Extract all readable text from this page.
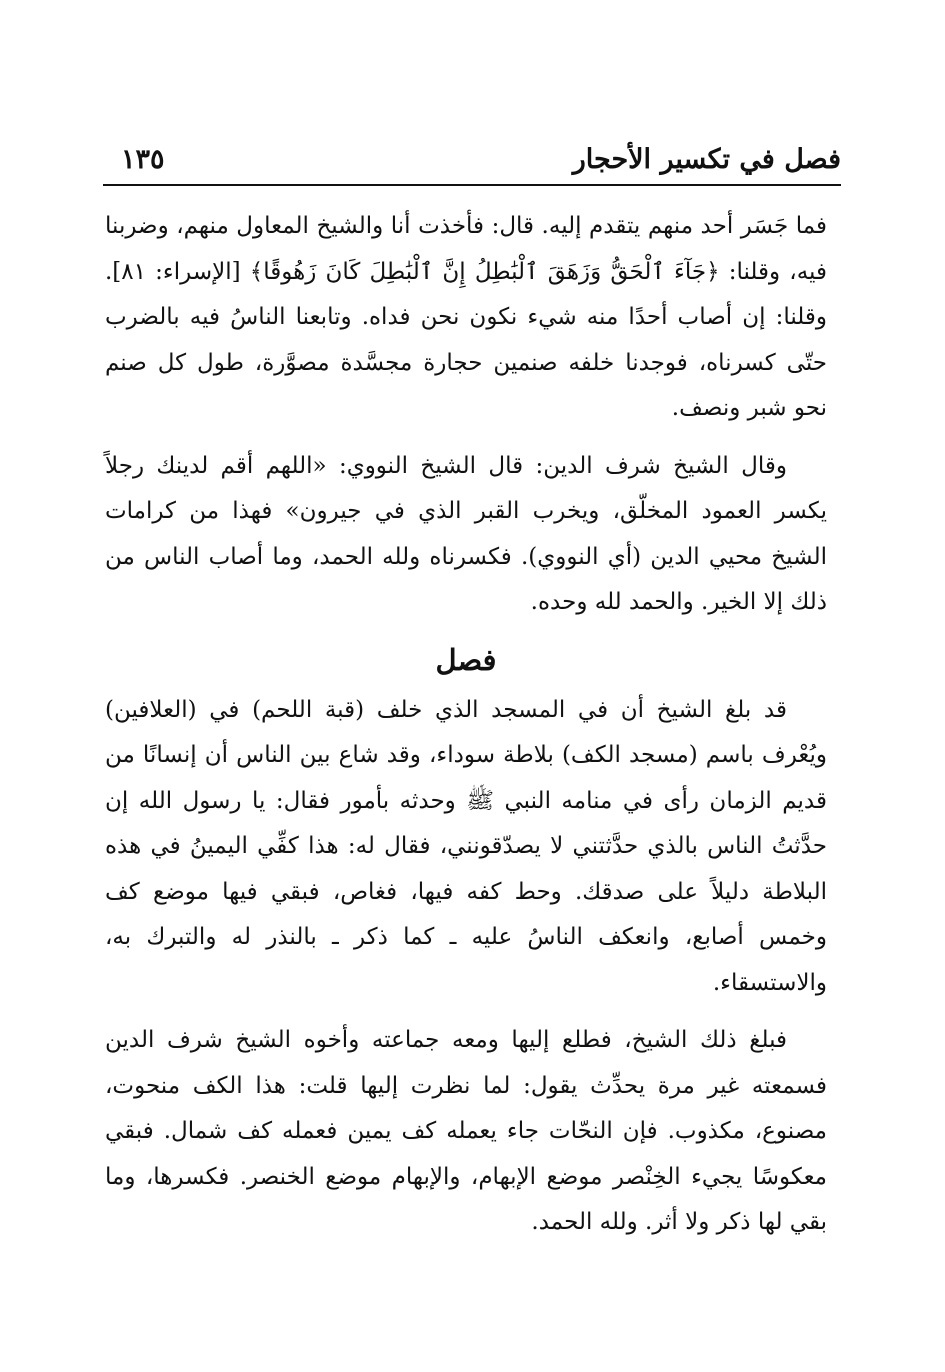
فصل في تكسير الأحجار
١٣٥

فما جَسَر أحد منهم يتقدم إليه. قال: فأخذت أنا والشيخ المعاول منهم، وضربنا فيه، وقلنا: ﴿جَآءَ ٱلْحَقُّ وَزَهَقَ ٱلْبَٰطِلُ إِنَّ ٱلْبَٰطِلَ كَانَ زَهُوقًا﴾ [الإسراء: ٨١]. وقلنا: إن أصاب أحدًا منه شيء نكون نحن فداه. وتابعنا الناسُ فيه بالضرب حتّى كسرناه، فوجدنا خلفه صنمين حجارة مجسَّدة مصوَّرة، طول كل صنم نحو شبر ونصف.

وقال الشيخ شرف الدين: قال الشيخ النووي: «اللهم أقم لدينك رجلاً يكسر العمود المخلّق، ويخرب القبر الذي في جيرون» فهذا من كرامات الشيخ محيي الدين (أي النووي). فكسرناه ولله الحمد، وما أصاب الناس من ذلك إلا الخير. والحمد لله وحده.

فصل

قد بلغ الشيخ أن في المسجد الذي خلف (قبة اللحم) في (العلافين) ويُعْرف باسم (مسجد الكف) بلاطة سوداء، وقد شاع بين الناس أن إنسانًا من قديم الزمان رأى في منامه النبي ﷺ وحدثه بأمور فقال: يا رسول الله إن حدَّثتُ الناس بالذي حدَّثتني لا يصدّقونني، فقال له: هذا كفِّي اليمينُ في هذه البلاطة دليلاً على صدقك. وحط كفه فيها، فغاص، فبقي فيها موضع كف وخمس أصابع، وانعكف الناسُ عليه ـ كما ذكر ـ بالنذر له والتبرك به، والاستسقاء.

فبلغ ذلك الشيخ، فطلع إليها ومعه جماعته وأخوه الشيخ شرف الدين فسمعته غير مرة يحدِّث يقول: لما نظرت إليها قلت: هذا الكف منحوت، مصنوع، مكذوب. فإن النحّات جاء يعمله كف يمين فعمله كف شمال. فبقي معكوسًا يجيء الخِنْصر موضع الإبهام، والإبهام موضع الخنصر. فكسرها، وما بقي لها ذكر ولا أثر. ولله الحمد.
